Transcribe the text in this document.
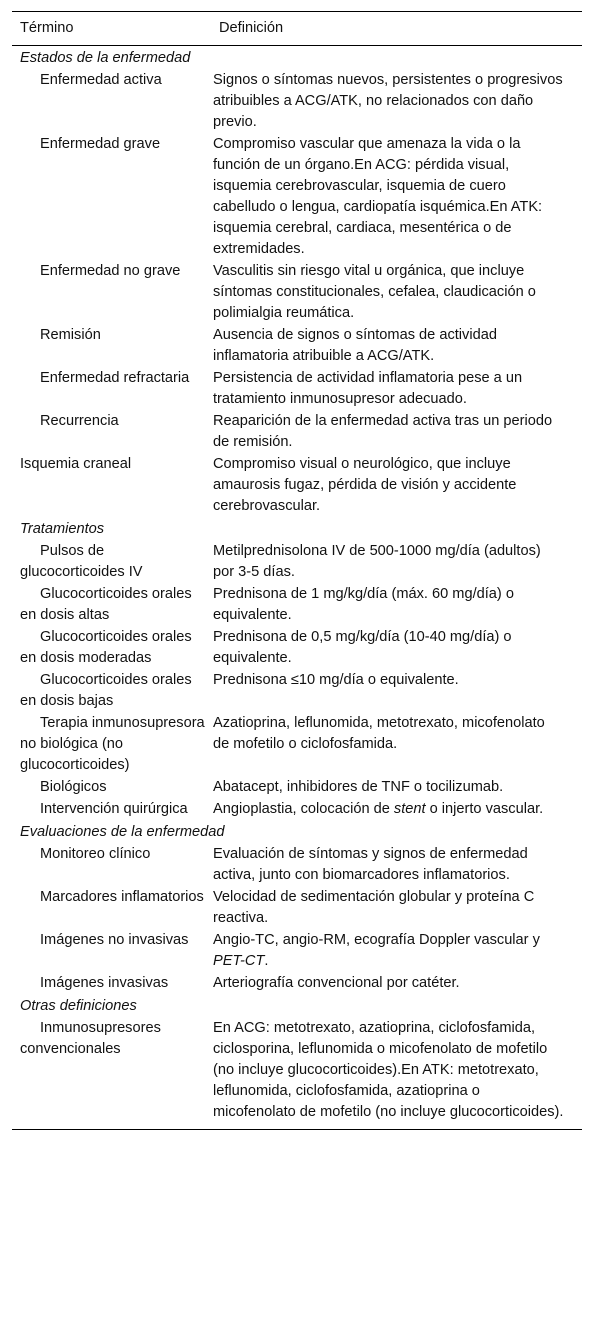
Término	Definición
Estados de la enfermedad	
Enfermedad activa	Signos o síntomas nuevos, persistentes o progresivos atribuibles a ACG/ATK, no relacionados con daño previo.
Enfermedad grave	Compromiso vascular que amenaza la vida o la función de un órgano.En ACG: pérdida visual, isquemia cerebrovascular, isquemia de cuero cabelludo o lengua, cardiopatía isquémica.En ATK: isquemia cerebral, cardiaca, mesentérica o de extremidades.
Enfermedad no grave	Vasculitis sin riesgo vital u orgánica, que incluye síntomas constitucionales, cefalea, claudicación o polimialgia reumática.
Remisión	Ausencia de signos o síntomas de actividad inflamatoria atribuible a ACG/ATK.
Enfermedad refractaria	Persistencia de actividad inflamatoria pese a un tratamiento inmunosupresor adecuado.
Recurrencia	Reaparición de la enfermedad activa tras un periodo de remisión.
Isquemia craneal	Compromiso visual o neurológico, que incluye amaurosis fugaz, pérdida de visión y accidente cerebrovascular.
Tratamientos	
Pulsos de glucocorticoides IV	Metilprednisolona IV de 500-1000 mg/día (adultos) por 3-5 días.
Glucocorticoides orales en dosis altas	Prednisona de 1 mg/kg/día (máx. 60 mg/día) o equivalente.
Glucocorticoides orales en dosis moderadas	Prednisona de 0,5 mg/kg/día (10-40 mg/día) o equivalente.
Glucocorticoides orales en dosis bajas	Prednisona ≤10 mg/día o equivalente.
Terapia inmunosupresora no biológica (no glucocorticoides)	Azatioprina, leflunomida, metotrexato, micofenolato de mofetilo o ciclofosfamida.
Biológicos	Abatacept, inhibidores de TNF o tocilizumab.
Intervención quirúrgica	Angioplastia, colocación de stent o injerto vascular.
Evaluaciones de la enfermedad	
Monitoreo clínico	Evaluación de síntomas y signos de enfermedad activa, junto con biomarcadores inflamatorios.
Marcadores inflamatorios	Velocidad de sedimentación globular y proteína C reactiva.
Imágenes no invasivas	Angio-TC, angio-RM, ecografía Doppler vascular y PET-CT.
Imágenes invasivas	Arteriografía convencional por catéter.
Otras definiciones	
Inmunosupresores convencionales	En ACG: metotrexato, azatioprina, ciclofosfamida, ciclosporina, leflunomida o micofenolato de mofetilo (no incluye glucocorticoides).En ATK: metotrexato, leflunomida, ciclofosfamida, azatioprina o micofenolato de mofetilo (no incluye glucocorticoides).
